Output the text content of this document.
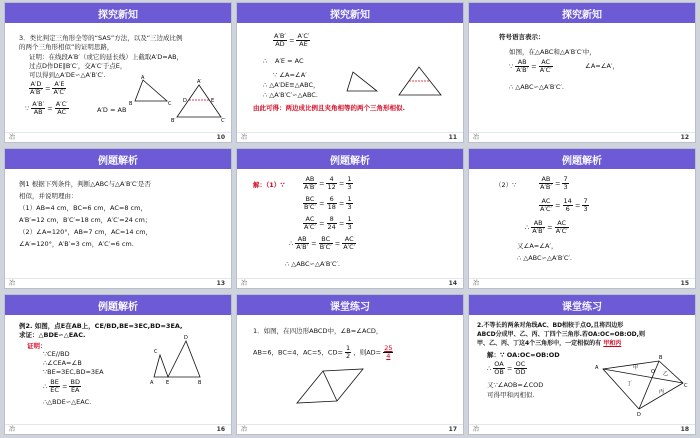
探究新知
3．类比判定三角形全等的“SAS”方法，以及“三边成比例
的两个三角形相似”的证明思路，
证明：在线段A′B′（或它的延长线）上截取A′D=AB，
过点D作DE∥B′C′，交A′C′于点E，
可以得到△A′DE∽△A′B′C′.
$\frac{A'D}{A'B'} = \frac{A'E}{A'C'}$
∵ $\frac{A'B'}{AB} = \frac{A'C'}{AC}$	A′D = AB
A
B	C
A′
B′	C′
D	E
冶	10
探究新知
$\frac{A'B'}{AD} = \frac{A'C'}{AE}$
∴ A′E = AC
∵ ∠A=∠A′
∴ △A′DE≌△ABC，
∴ △A′B′C′∽△ABC.
由此可得：两边成比例且夹角相等的两个三角形相似.
冶	11
探究新知
符号语言表示：
如图，在△ABC和△A′B′C′中，
∵ $\frac{AB}{A'B'} = \frac{AC}{A'C'}$	∠A=∠A′，
∴ △ABC∽△A′B′C′.
冶	12
例题解析
例1 根据下列条件，判断△ABC与△A′B′C′是否
相似，并说明理由：
（1）AB=4 cm，BC=6 cm，AC=8 cm，
A′B′=12 cm，B′C′=18 cm，A′C′=24 cm；
（2）∠A=120°，AB=7 cm，AC=14 cm，
∠A′=120°，A′B′=3 cm，A′C′=6 cm.
冶	13
例题解析
解：（1）∵	$\frac{AB}{A'B'} = \frac{4}{12} = \frac{1}{3}$
$\frac{BC}{B'C'} = \frac{6}{18} = \frac{1}{3}$
$\frac{AC}{A'C'} = \frac{8}{24} = \frac{1}{3}$
∴ $\frac{AB}{A'B'} = \frac{BC}{B'C'} = \frac{AC}{A'C'}$
∴ △ABC∽△A′B′C′.
冶	14
例题解析
（2）∵	$\frac{AB}{A'B'} = \frac{7}{3}$
$\frac{AC}{A'C'} = \frac{14}{6} = \frac{7}{3}$
∴ $\frac{AB}{A'B'} = \frac{AC}{A'C'}$
又∠A=∠A′，
∴ △ABC∽△A′B′C′.
冶	15
例题解析
例2. 如图，点E在AB上，CE/BD,BE=3EC,BD=3EA,
求证：△BDE∽△EAC.
证明：
∵CE//BD
∴∠CEA=∠B
∵BE=3EC,BD=3EA
∴ $\frac{BE}{EC} = \frac{BD}{EA}$
∴△BDE∽△EAC.
D
C
A	E	B
冶	16
课堂练习
1．如图，在四边形ABCD中，∠B=∠ACD，
AB=6，BC=4，AC=5，$CD= \frac{1}{2}$ ，则$AD= \frac{25}{4}$
冶	17
课堂练习
2.不等长的两条对角线AC、BD相较于点O,且将四边形
ABCD分成甲、乙、丙、丁四个三角形.若OA:OC=OB:OD,则
甲、乙、丙、丁这4个三角形中，一定相似的有 甲和丙
解：∵ OA:OC=OB:OD
∴ $\frac{OA}{OB} = \frac{OC}{OD}$
又∵∠AOB=∠COD
可得甲和丙相似.
A
B
C
D
O
甲
乙
丙
丁
冶	18
